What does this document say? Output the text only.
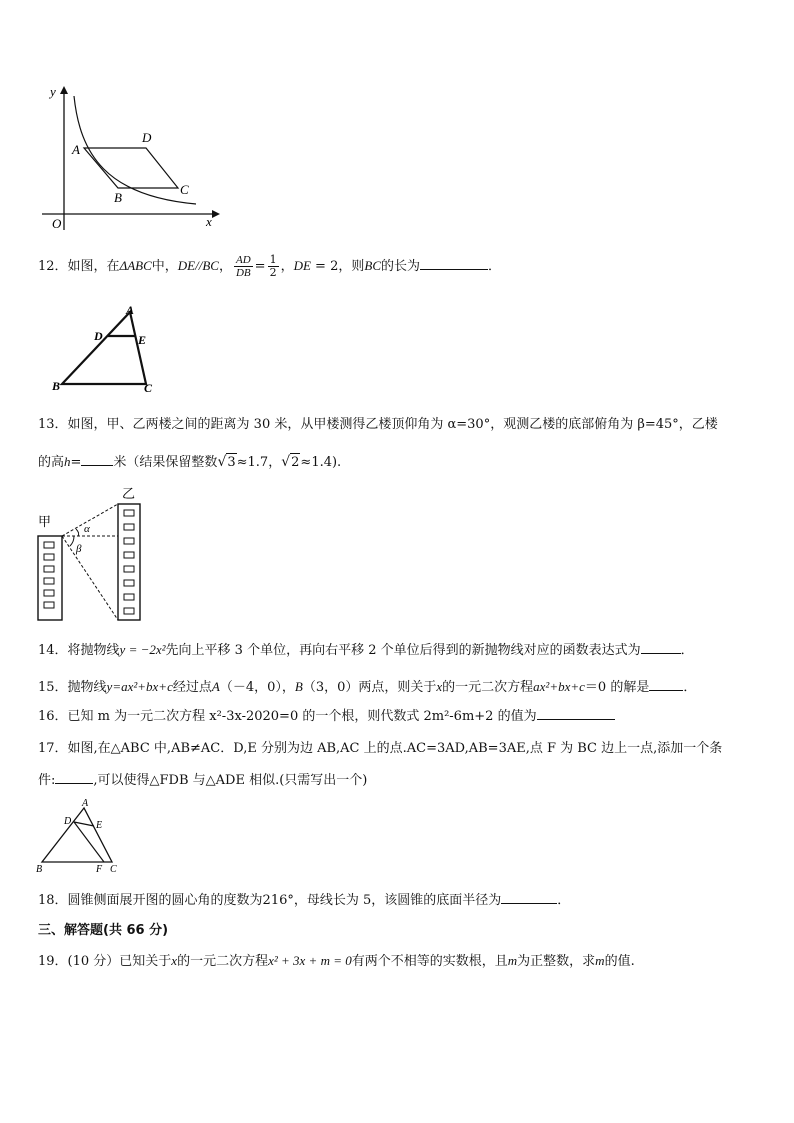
y
x
O
A
D
B
C
12．如图，在ΔABC中，DE//BC， $\frac{AD}{DB} = \frac{1}{2}$ ，DE = 2，则BC的长为	．
A
D	E
B	C
13．如图，甲、乙两楼之间的距离为 30 米，从甲楼测得乙楼顶仰角为 α=30°，观测乙楼的底部俯角为 β=45°，乙楼
的高h= 米（结果保留整数√3≈1.7，√2≈1.4).
甲
乙
α
β
14．将抛物线y = −2x²先向上平移 3 个单位，再向右平移 2 个单位后得到的新抛物线对应的函数表达式为	．
15．抛物线y=ax²+bx+c经过点A（－4，0），B（3，0）两点，则关于x的一元二次方程ax²+bx+c＝0 的解是	．
16．已知 m 为一元二次方程 x²-3x-2020=0 的一个根，则代数式 2m²-6m+2 的值为
17．如图,在△ABC 中,AB≠AC．D,E 分别为边 AB,AC 上的点.AC=3AD,AB=3AE,点 F 为 BC 边上一点,添加一个条
件:	,可以使得△FDB 与△ADE 相似.(只需写出一个)
A
D E
B	F C
18．圆锥侧面展开图的圆心角的度数为216°，母线长为 5，该圆锥的底面半径为	．
三、解答题(共 66 分)
19．(10 分）已知关于x的一元二次方程x² + 3x + m = 0有两个不相等的实数根，且m为正整数，求m的值.
